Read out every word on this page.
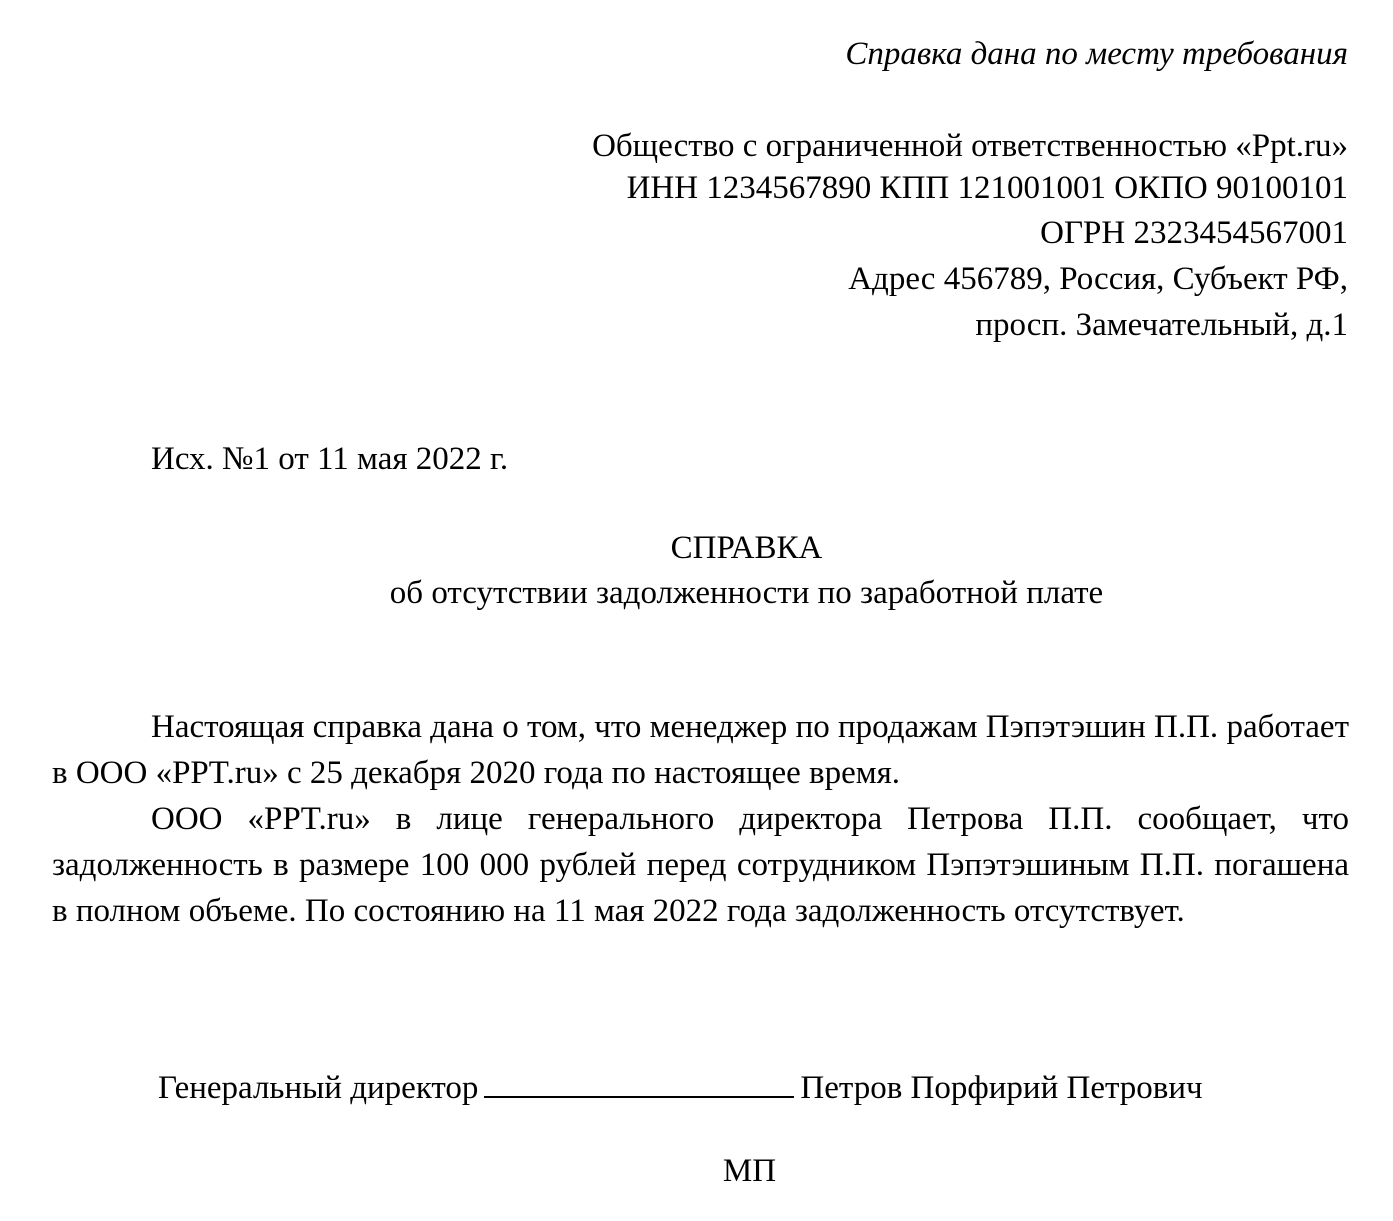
Справка дана по месту требования
Общество с ограниченной ответственностью «Ppt.ru»
ИНН 1234567890 КПП 121001001 ОКПО 90100101
ОГРН 2323454567001
Адрес 456789, Россия, Субъект РФ,
просп. Замечательный, д.1
Исх. №1 от 11 мая 2022 г.
СПРАВКА
об отсутствии задолженности по заработной плате

Настоящая справка дана о том, что менеджер по продажам Пэпэтэшин П.П. работает в ООО «PPT.ru» с 25 декабря 2020 года по настоящее время.

ООО «PPT.ru» в лице генерального директора Петрова П.П. сообщает, что задолженность в размере 100 000 рублей перед сотрудником Пэпэтэшиным П.П. погашена в полном объеме. По состоянию на 11 мая 2022 года задолженность отсутствует.

Генеральный директор	Петров Порфирий Петрович
МП
